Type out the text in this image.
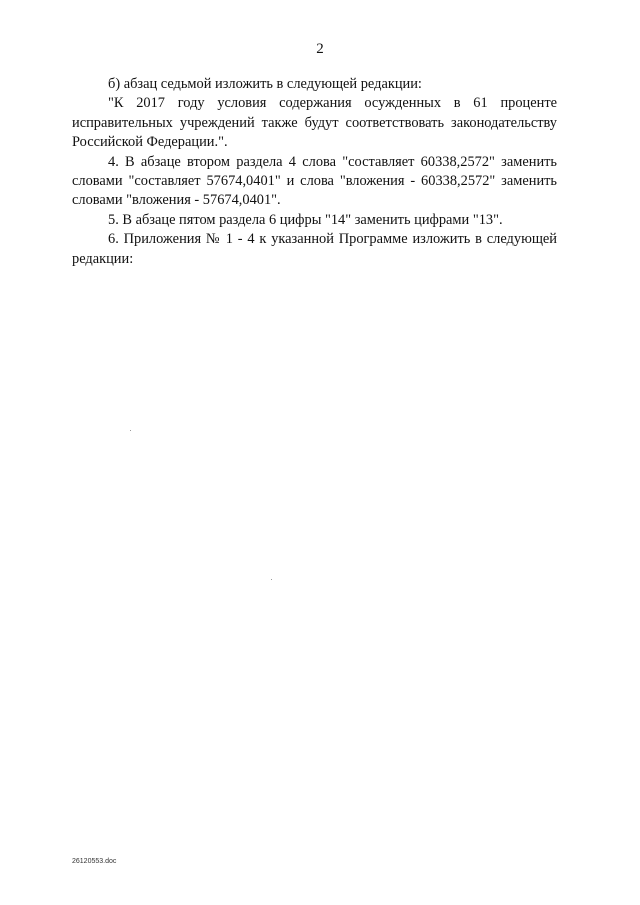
2

б) абзац седьмой изложить в следующей редакции:

"К 2017 году условия содержания осужденных в 61 проценте исправительных учреждений также будут соответствовать законодательству Российской Федерации.".

4. В абзаце втором раздела 4 слова "составляет 60338,2572" заменить словами "составляет 57674,0401" и слова "вложения - 60338,2572" заменить словами "вложения - 57674,0401".

5. В абзаце пятом раздела 6 цифры "14" заменить цифрами "13".

6. Приложения № 1 - 4 к указанной Программе изложить в следующей редакции:

26120553.doc
